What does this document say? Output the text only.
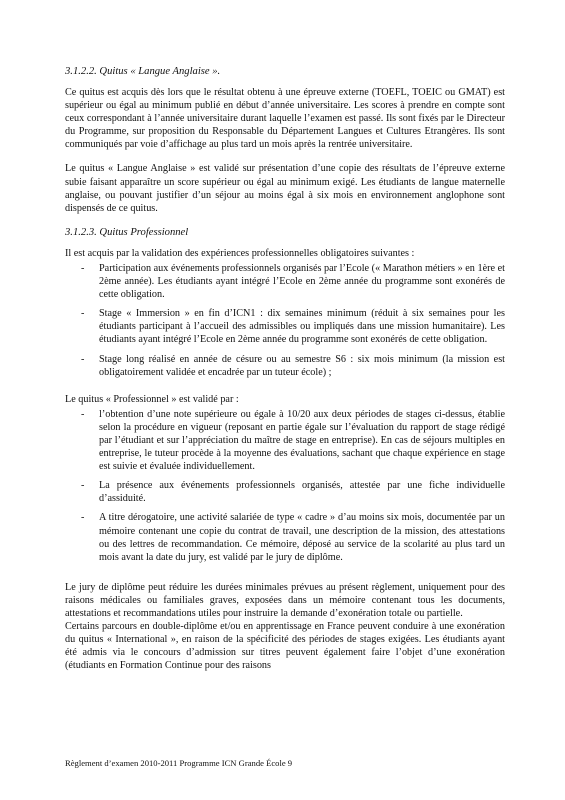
3.1.2.2. Quitus « Langue Anglaise ».

Ce quitus est acquis dès lors que le résultat obtenu à une épreuve externe (TOEFL, TOEIC ou GMAT) est supérieur ou égal au minimum publié en début d’année universitaire. Les scores à prendre en compte sont ceux correspondant à l’année universitaire durant laquelle l’examen est passé. Ils sont fixés par le Directeur du Programme, sur proposition du Responsable du Département Langues et Cultures Etrangères. Ils sont communiqués par voie d’affichage au plus tard un mois après la rentrée universitaire.

Le quitus « Langue Anglaise » est validé sur présentation d’une copie des résultats de l’épreuve externe subie faisant apparaître un score supérieur ou égal au minimum exigé. Les étudiants de langue maternelle anglaise, ou pouvant justifier d’un séjour au moins égal à six mois en environnement anglophone sont dispensés de ce quitus.

3.1.2.3. Quitus Professionnel

Il est acquis par la validation des expériences professionnelles obligatoires suivantes :

- Participation aux événements professionnels organisés par l’Ecole (« Marathon métiers » en 1ère et 2ème année). Les étudiants ayant intégré l’Ecole en 2ème année du programme sont exonérés de cette obligation.
- Stage « Immersion » en fin d’ICN1 : dix semaines minimum (réduit à six semaines pour les étudiants participant à l’accueil des admissibles ou impliqués dans une mission humanitaire). Les étudiants ayant intégré l’Ecole en 2ème année du programme sont exonérés de cette obligation.
- Stage long réalisé en année de césure ou au semestre S6 : six mois minimum (la mission est obligatoirement validée et encadrée par un tuteur école) ;

Le quitus « Professionnel » est validé par :

- l’obtention d’une note supérieure ou égale à 10/20 aux deux périodes de stages ci-dessus, établie selon la procédure en vigueur (reposant en partie égale sur l’évaluation du rapport de stage rédigé par l’étudiant et sur l’appréciation du maître de stage en entreprise). En cas de séjours multiples en entreprise, le tuteur procède à la moyenne des évaluations, sachant que chaque expérience en stage est suivie et évaluée individuellement.
- La présence aux événements professionnels organisés, attestée par une fiche individuelle d’assiduité.
- A titre dérogatoire, une activité salariée de type « cadre » d’au moins six mois, documentée par un mémoire contenant une copie du contrat de travail, une description de la mission, des attestations ou des lettres de recommandation. Ce mémoire, déposé au service de la scolarité au plus tard un mois avant la date du jury, est validé par le jury de diplôme.

Le jury de diplôme peut réduire les durées minimales prévues au présent règlement, uniquement pour des raisons médicales ou familiales graves, exposées dans un mémoire contenant tous les documents, attestations et recommandations utiles pour instruire la demande d’exonération totale ou partielle.

Certains parcours en double-diplôme et/ou en apprentissage en France peuvent conduire à une exonération du quitus « International », en raison de la spécificité des périodes de stages exigées. Les étudiants ayant été admis via le concours d’admission sur titres peuvent également faire l’objet d’une exonération (étudiants en Formation Continue pour des raisons

Règlement d’examen 2010-2011 Programme ICN Grande École 9
